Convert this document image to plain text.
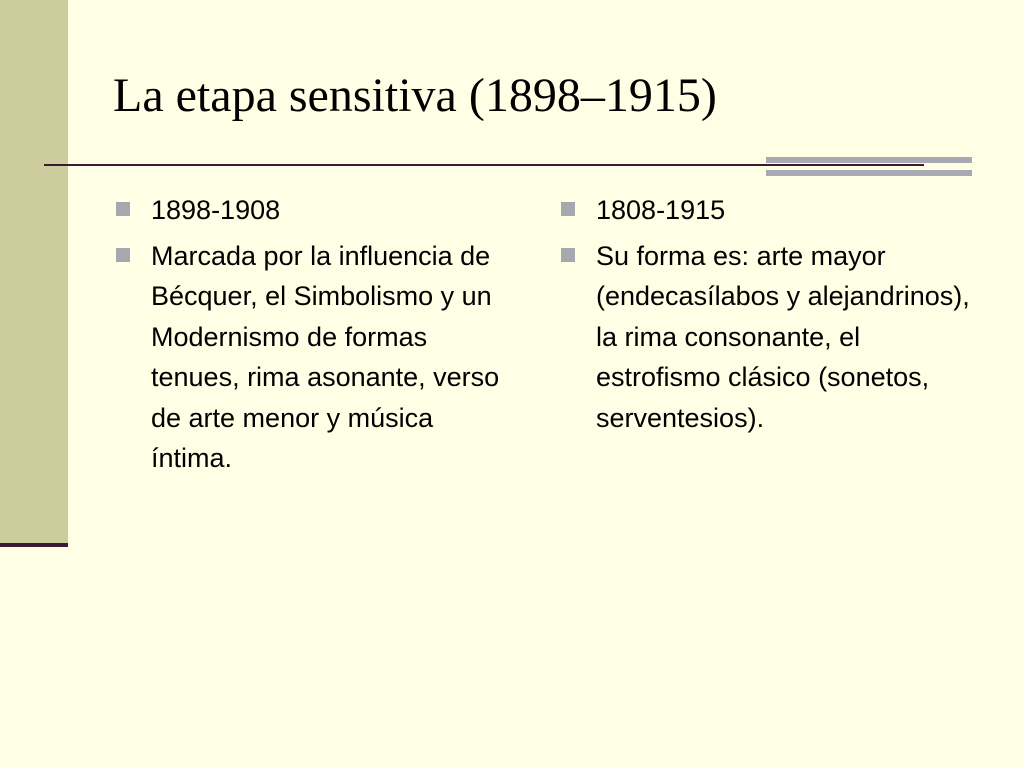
La etapa sensitiva (1898–1915)
1898-1908
Marcada por la influencia de Bécquer, el Simbolismo y un Modernismo de formas tenues, rima asonante, verso de arte menor y música íntima.
1808-1915
Su forma es: arte mayor (endecasílabos y alejandrinos), la rima consonante, el estrofismo clásico (sonetos, serventesios).
